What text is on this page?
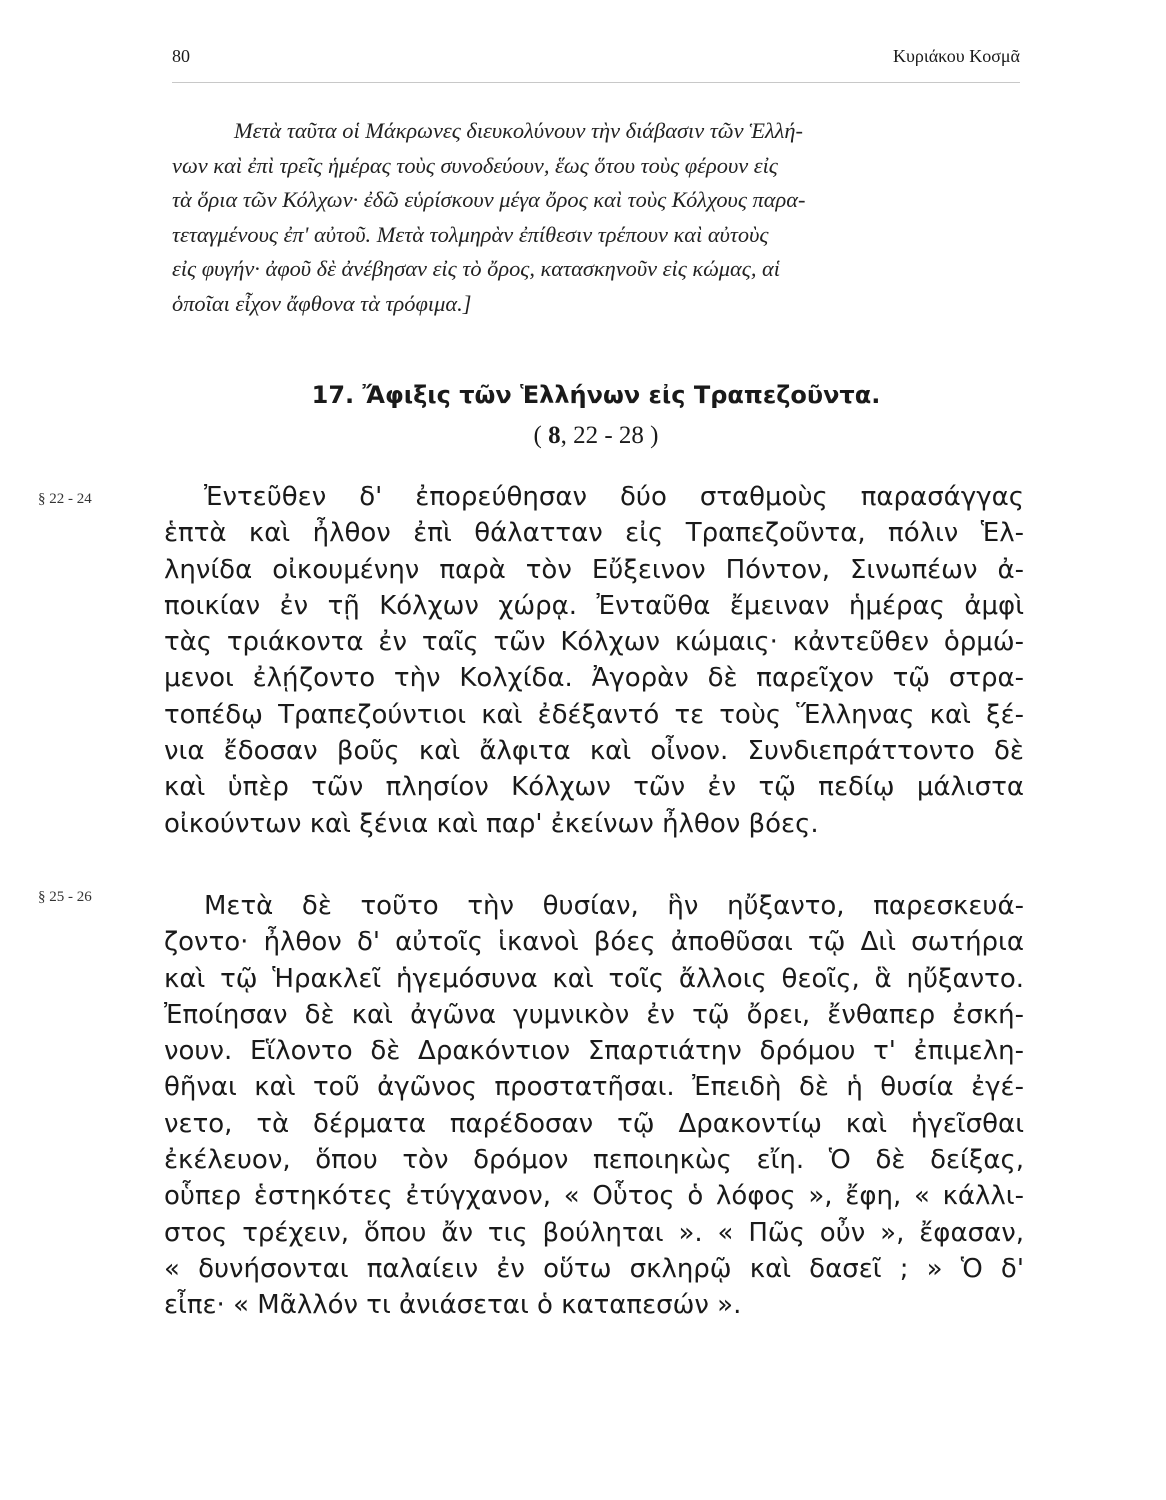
80	Κυριάκου Κοσμᾶ
Μετὰ ταῦτα οἱ Μάκρωνες διευκολύνουν τὴν διάβασιν τῶν Ἑλλή-
νων καὶ ἐπὶ τρεῖς ἡμέρας τοὺς συνοδεύουν, ἕως ὅτου τοὺς φέρουν εἰς
τὰ ὅρια τῶν Κόλχων· ἐδῶ εὑρίσκουν μέγα ὄρος καὶ τοὺς Κόλχους παρα-
τεταγμένους ἐπ' αὐτοῦ. Μετὰ τολμηρὰν ἐπίθεσιν τρέπουν καὶ αὐτοὺς
εἰς φυγήν· ἀφοῦ δὲ ἀνέβησαν εἰς τὸ ὄρος, κατασκηνοῦν εἰς κώμας, αἱ
ὁποῖαι εἶχον ἄφθονα τὰ τρόφιμα.]
17. Ἄφιξις τῶν Ἑλλήνων εἰς Τραπεζοῦντα.
( 8, 22 - 28 )
§ 22 - 24	Ἐντεῦθεν δ' ἐπορεύθησαν δύο σταθμοὺς παρασάγγας
ἑπτὰ καὶ ἦλθον ἐπὶ θάλατταν εἰς Τραπεζοῦντα, πόλιν Ἑλ-
ληνίδα οἰκουμένην παρὰ τὸν Εὔξεινον Πόντον, Σινωπέων ἀ-
ποικίαν ἐν τῇ Κόλχων χώρᾳ. Ἐνταῦθα ἔμειναν ἡμέρας ἀμφὶ
τὰς τριάκοντα ἐν ταῖς τῶν Κόλχων κώμαις· κἀντεῦθεν ὁρμώ-
μενοι ἐλῄζοντο τὴν Κολχίδα. Ἀγορὰν δὲ παρεῖχον τῷ στρα-
τοπέδῳ Τραπεζούντιοι καὶ ἐδέξαντό τε τοὺς Ἕλληνας καὶ ξέ-
νια ἔδοσαν βοῦς καὶ ἄλφιτα καὶ οἶνον. Συνδιεπράττοντο δὲ
καὶ ὑπὲρ τῶν πλησίον Κόλχων τῶν ἐν τῷ πεδίῳ μάλιστα
οἰκούντων καὶ ξένια καὶ παρ' ἐκείνων ἦλθον βόες.
§ 25 - 26	Μετὰ δὲ τοῦτο τὴν θυσίαν, ἣν ηὔξαντο, παρεσκευά-
ζοντο· ἦλθον δ' αὐτοῖς ἱκανοὶ βόες ἀποθῦσαι τῷ Διὶ σωτήρια
καὶ τῷ Ἡρακλεῖ ἡγεμόσυνα καὶ τοῖς ἄλλοις θεοῖς, ἃ ηὔξαντο.
Ἐποίησαν δὲ καὶ ἀγῶνα γυμνικὸν ἐν τῷ ὄρει, ἔνθαπερ ἐσκή-
νουν. Εἵλοντο δὲ Δρακόντιον Σπαρτιάτην δρόμου τ' ἐπιμελη-
θῆναι καὶ τοῦ ἀγῶνος προστατῆσαι. Ἐπειδὴ δὲ ἡ θυσία ἐγέ-
νετο, τὰ δέρματα παρέδοσαν τῷ Δρακοντίῳ καὶ ἡγεῖσθαι
ἐκέλευον, ὅπου τὸν δρόμον πεποιηκὼς εἴη. Ὁ δὲ δείξας,
οὗπερ ἑστηκότες ἐτύγχανον, « Οὗτος ὁ λόφος », ἔφη, « κάλλι-
στος τρέχειν, ὅπου ἄν τις βούληται ». « Πῶς οὖν », ἔφασαν,
« δυνήσονται παλαίειν ἐν οὕτω σκληρῷ καὶ δασεῖ ; » Ὁ δ'
εἶπε· « Μᾶλλόν τι ἀνιάσεται ὁ καταπεσών ».
